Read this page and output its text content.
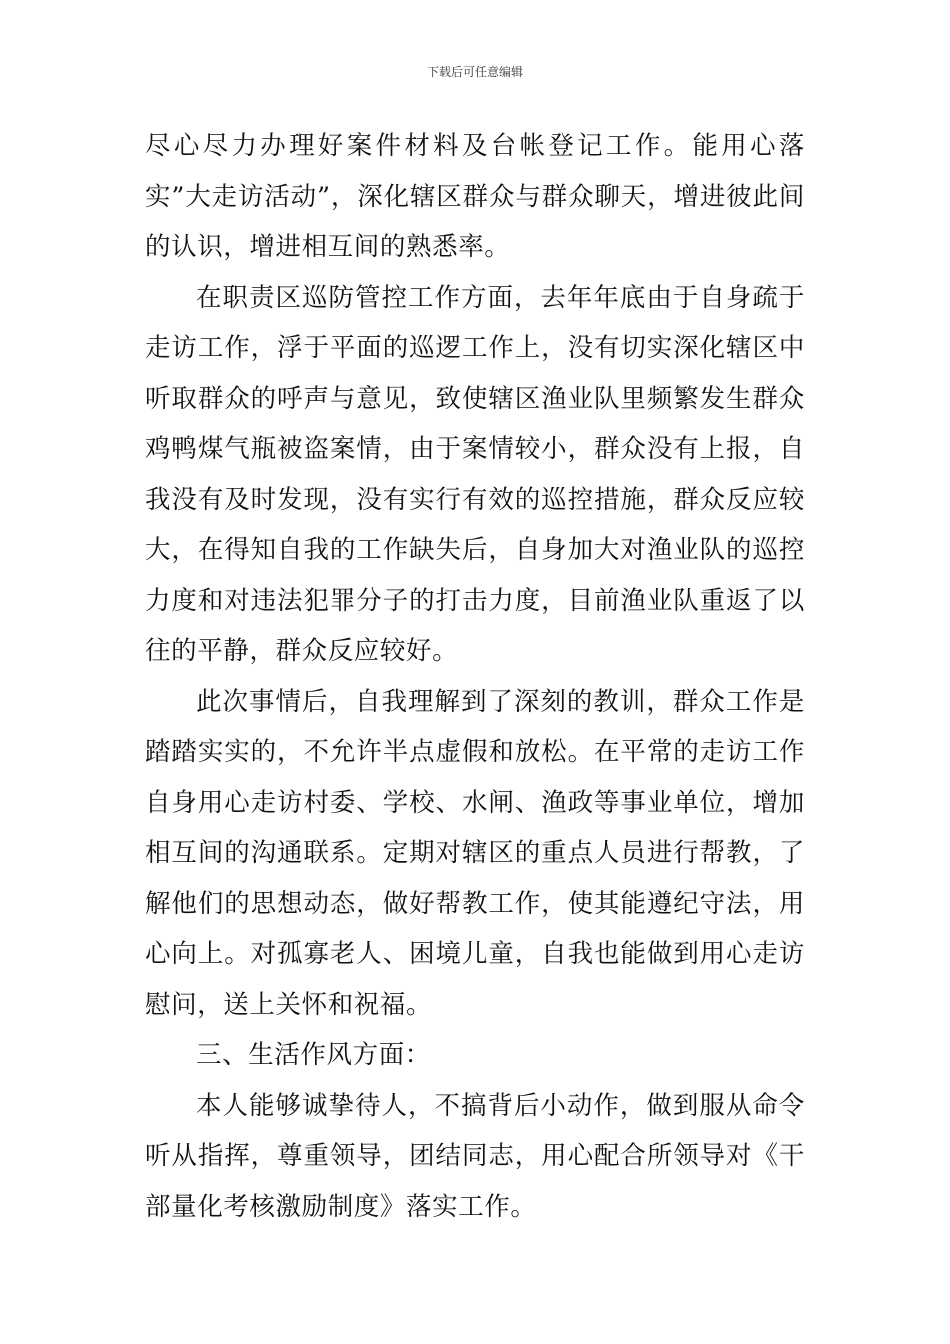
下载后可任意编辑

尽心尽力办理好案件材料及台帐登记工作。能用心落实”大走访活动”，深化辖区群众与群众聊天，增进彼此间的认识，增进相互间的熟悉率。

在职责区巡防管控工作方面，去年年底由于自身疏于走访工作，浮于平面的巡逻工作上，没有切实深化辖区中听取群众的呼声与意见，致使辖区渔业队里频繁发生群众鸡鸭煤气瓶被盗案情，由于案情较小，群众没有上报，自我没有及时发现，没有实行有效的巡控措施，群众反应较大，在得知自我的工作缺失后，自身加大对渔业队的巡控力度和对违法犯罪分子的打击力度，目前渔业队重返了以往的平静，群众反应较好。

此次事情后，自我理解到了深刻的教训，群众工作是踏踏实实的，不允许半点虚假和放松。在平常的走访工作自身用心走访村委、学校、水闸、渔政等事业单位，增加相互间的沟通联系。定期对辖区的重点人员进行帮教，了解他们的思想动态，做好帮教工作，使其能遵纪守法，用心向上。对孤寡老人、困境儿童，自我也能做到用心走访慰问，送上关怀和祝福。

三、生活作风方面：

本人能够诚挚待人，不搞背后小动作，做到服从命令听从指挥，尊重领导，团结同志，用心配合所领导对《干部量化考核激励制度》落实工作。
